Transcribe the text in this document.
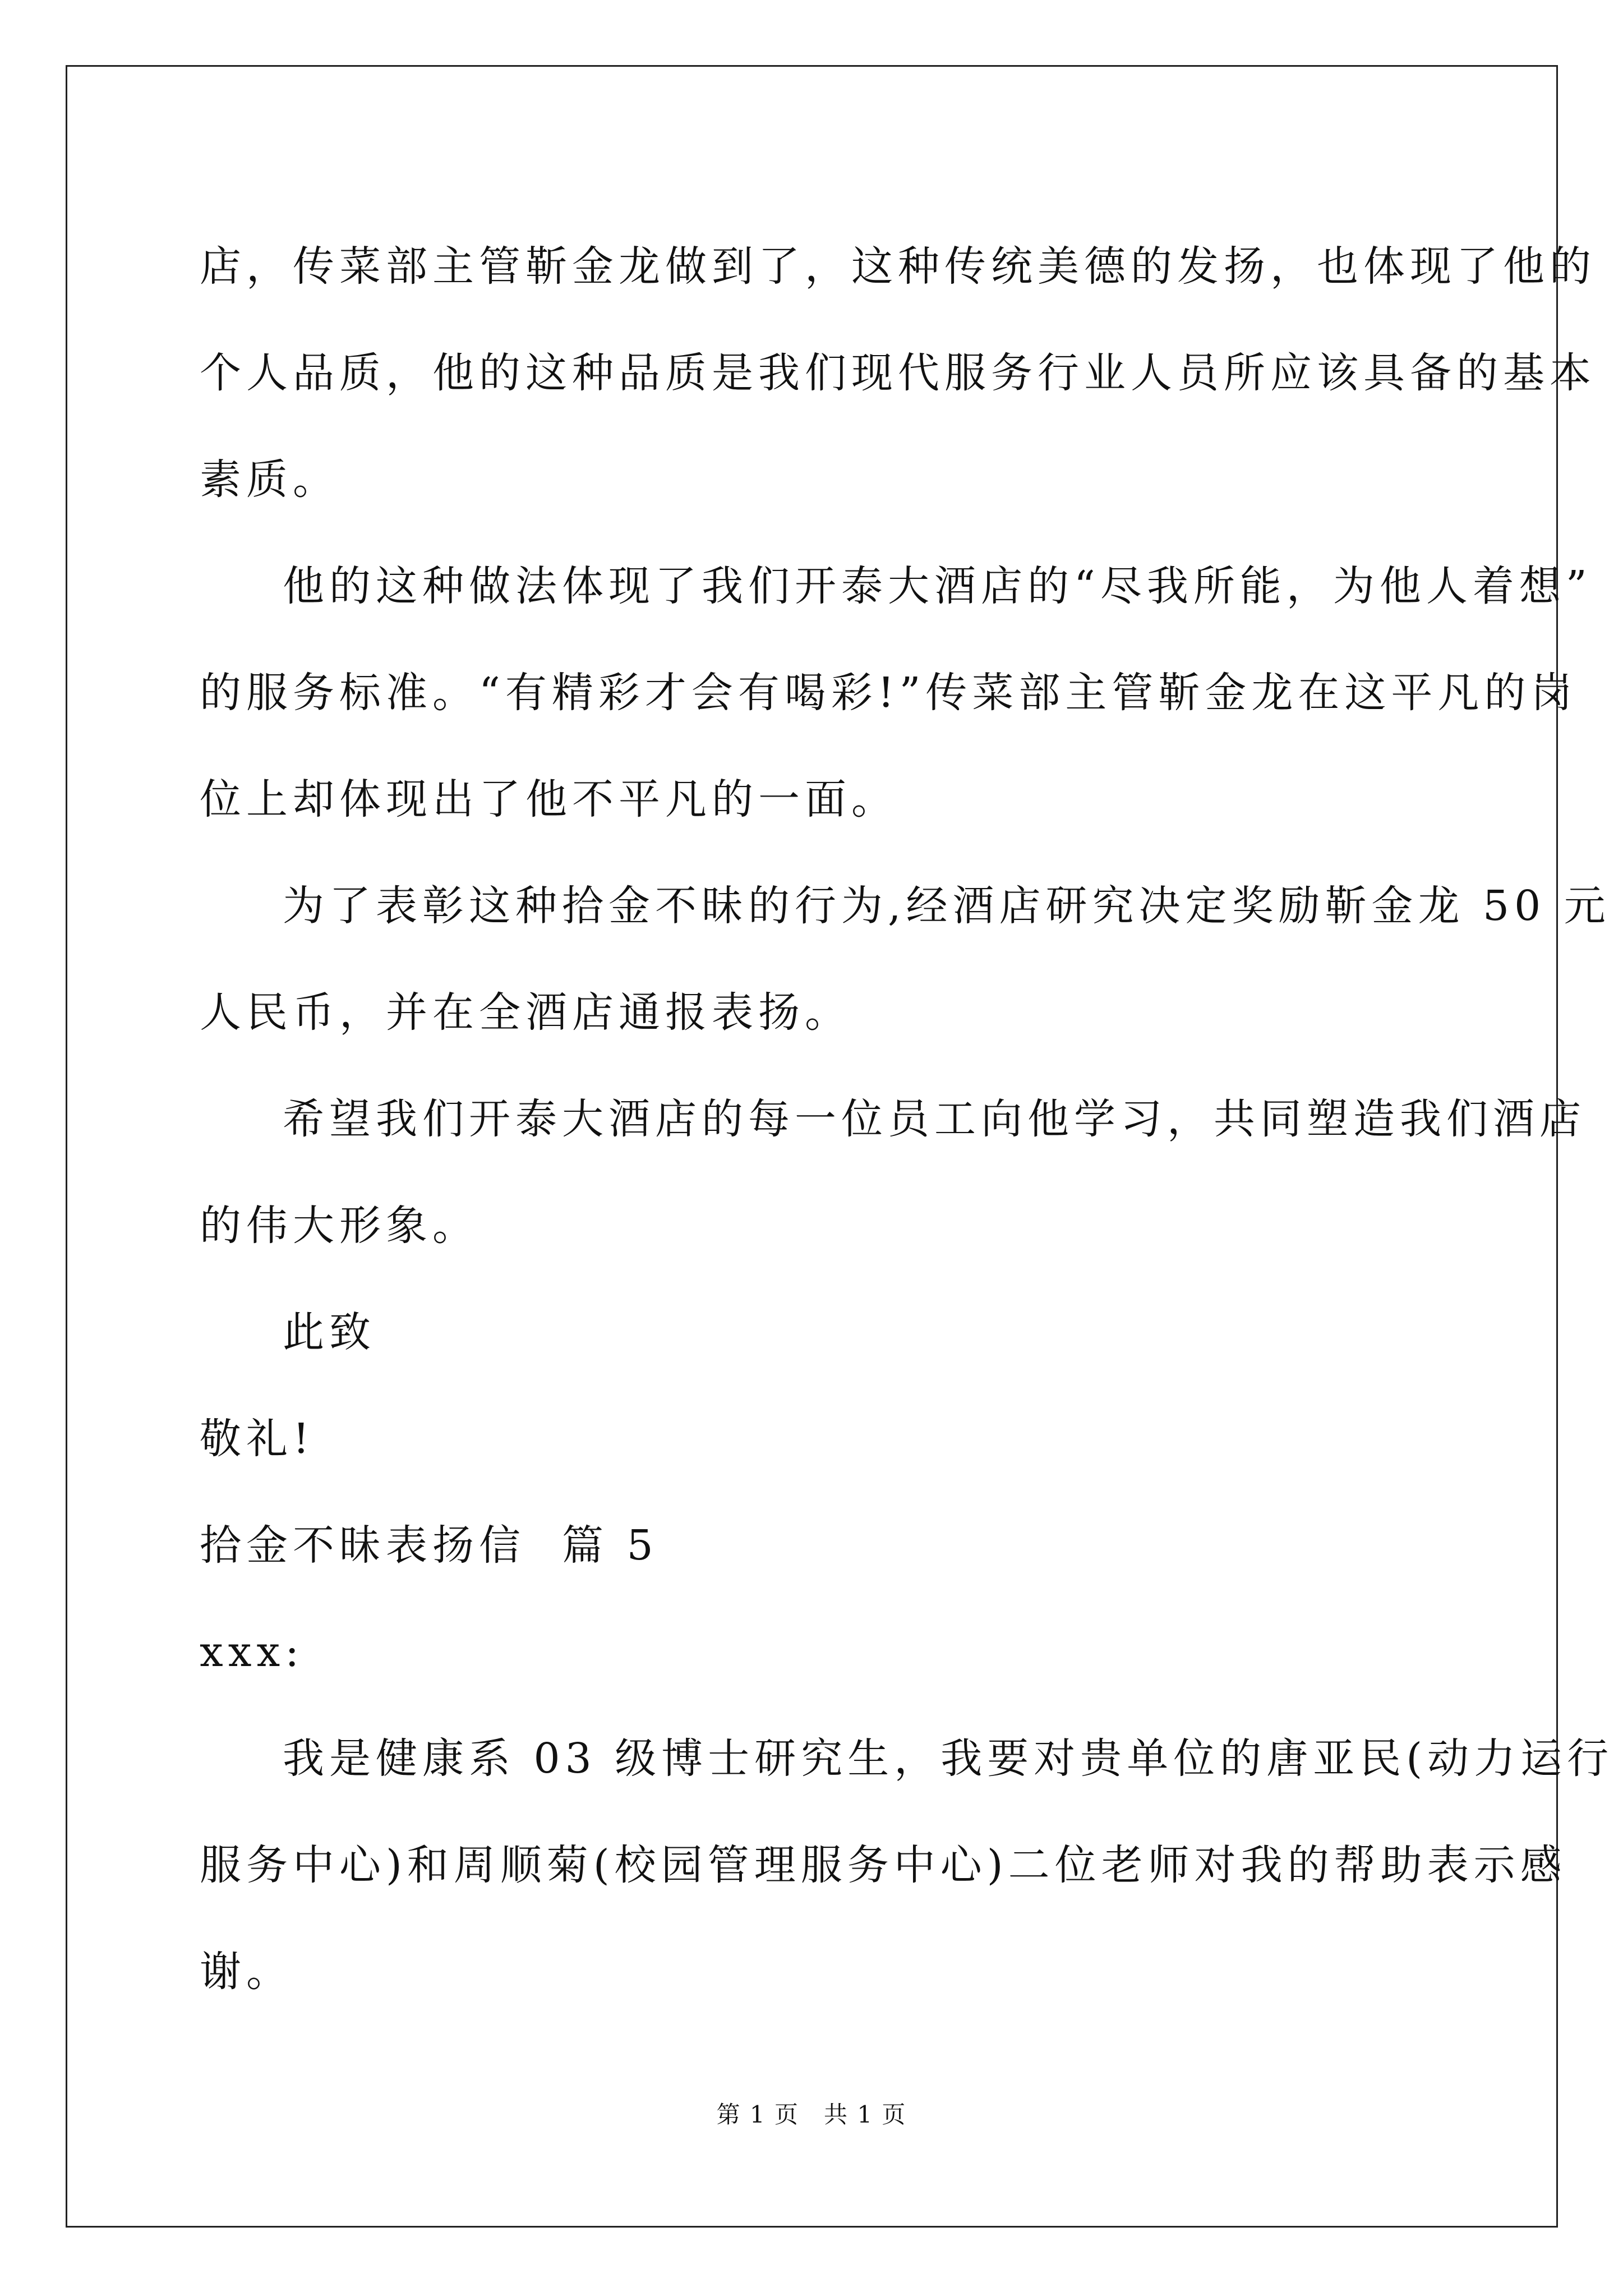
店，传菜部主管靳金龙做到了，这种传统美德的发扬，也体现了他的

个人品质，他的这种品质是我们现代服务行业人员所应该具备的基本

素质。

他的这种做法体现了我们开泰大酒店的“尽我所能，为他人着想”

的服务标准。“有精彩才会有喝彩!”传菜部主管靳金龙在这平凡的岗

位上却体现出了他不平凡的一面。

为了表彰这种拾金不昧的行为,经酒店研究决定奖励靳金龙 50 元

人民币，并在全酒店通报表扬。

希望我们开泰大酒店的每一位员工向他学习，共同塑造我们酒店

的伟大形象。

此致

敬礼!

拾金不昧表扬信  篇 5

xxx:

我是健康系 03 级博士研究生，我要对贵单位的唐亚民(动力运行

服务中心)和周顺菊(校园管理服务中心)二位老师对我的帮助表示感

谢。

第 1 页 共 1 页
